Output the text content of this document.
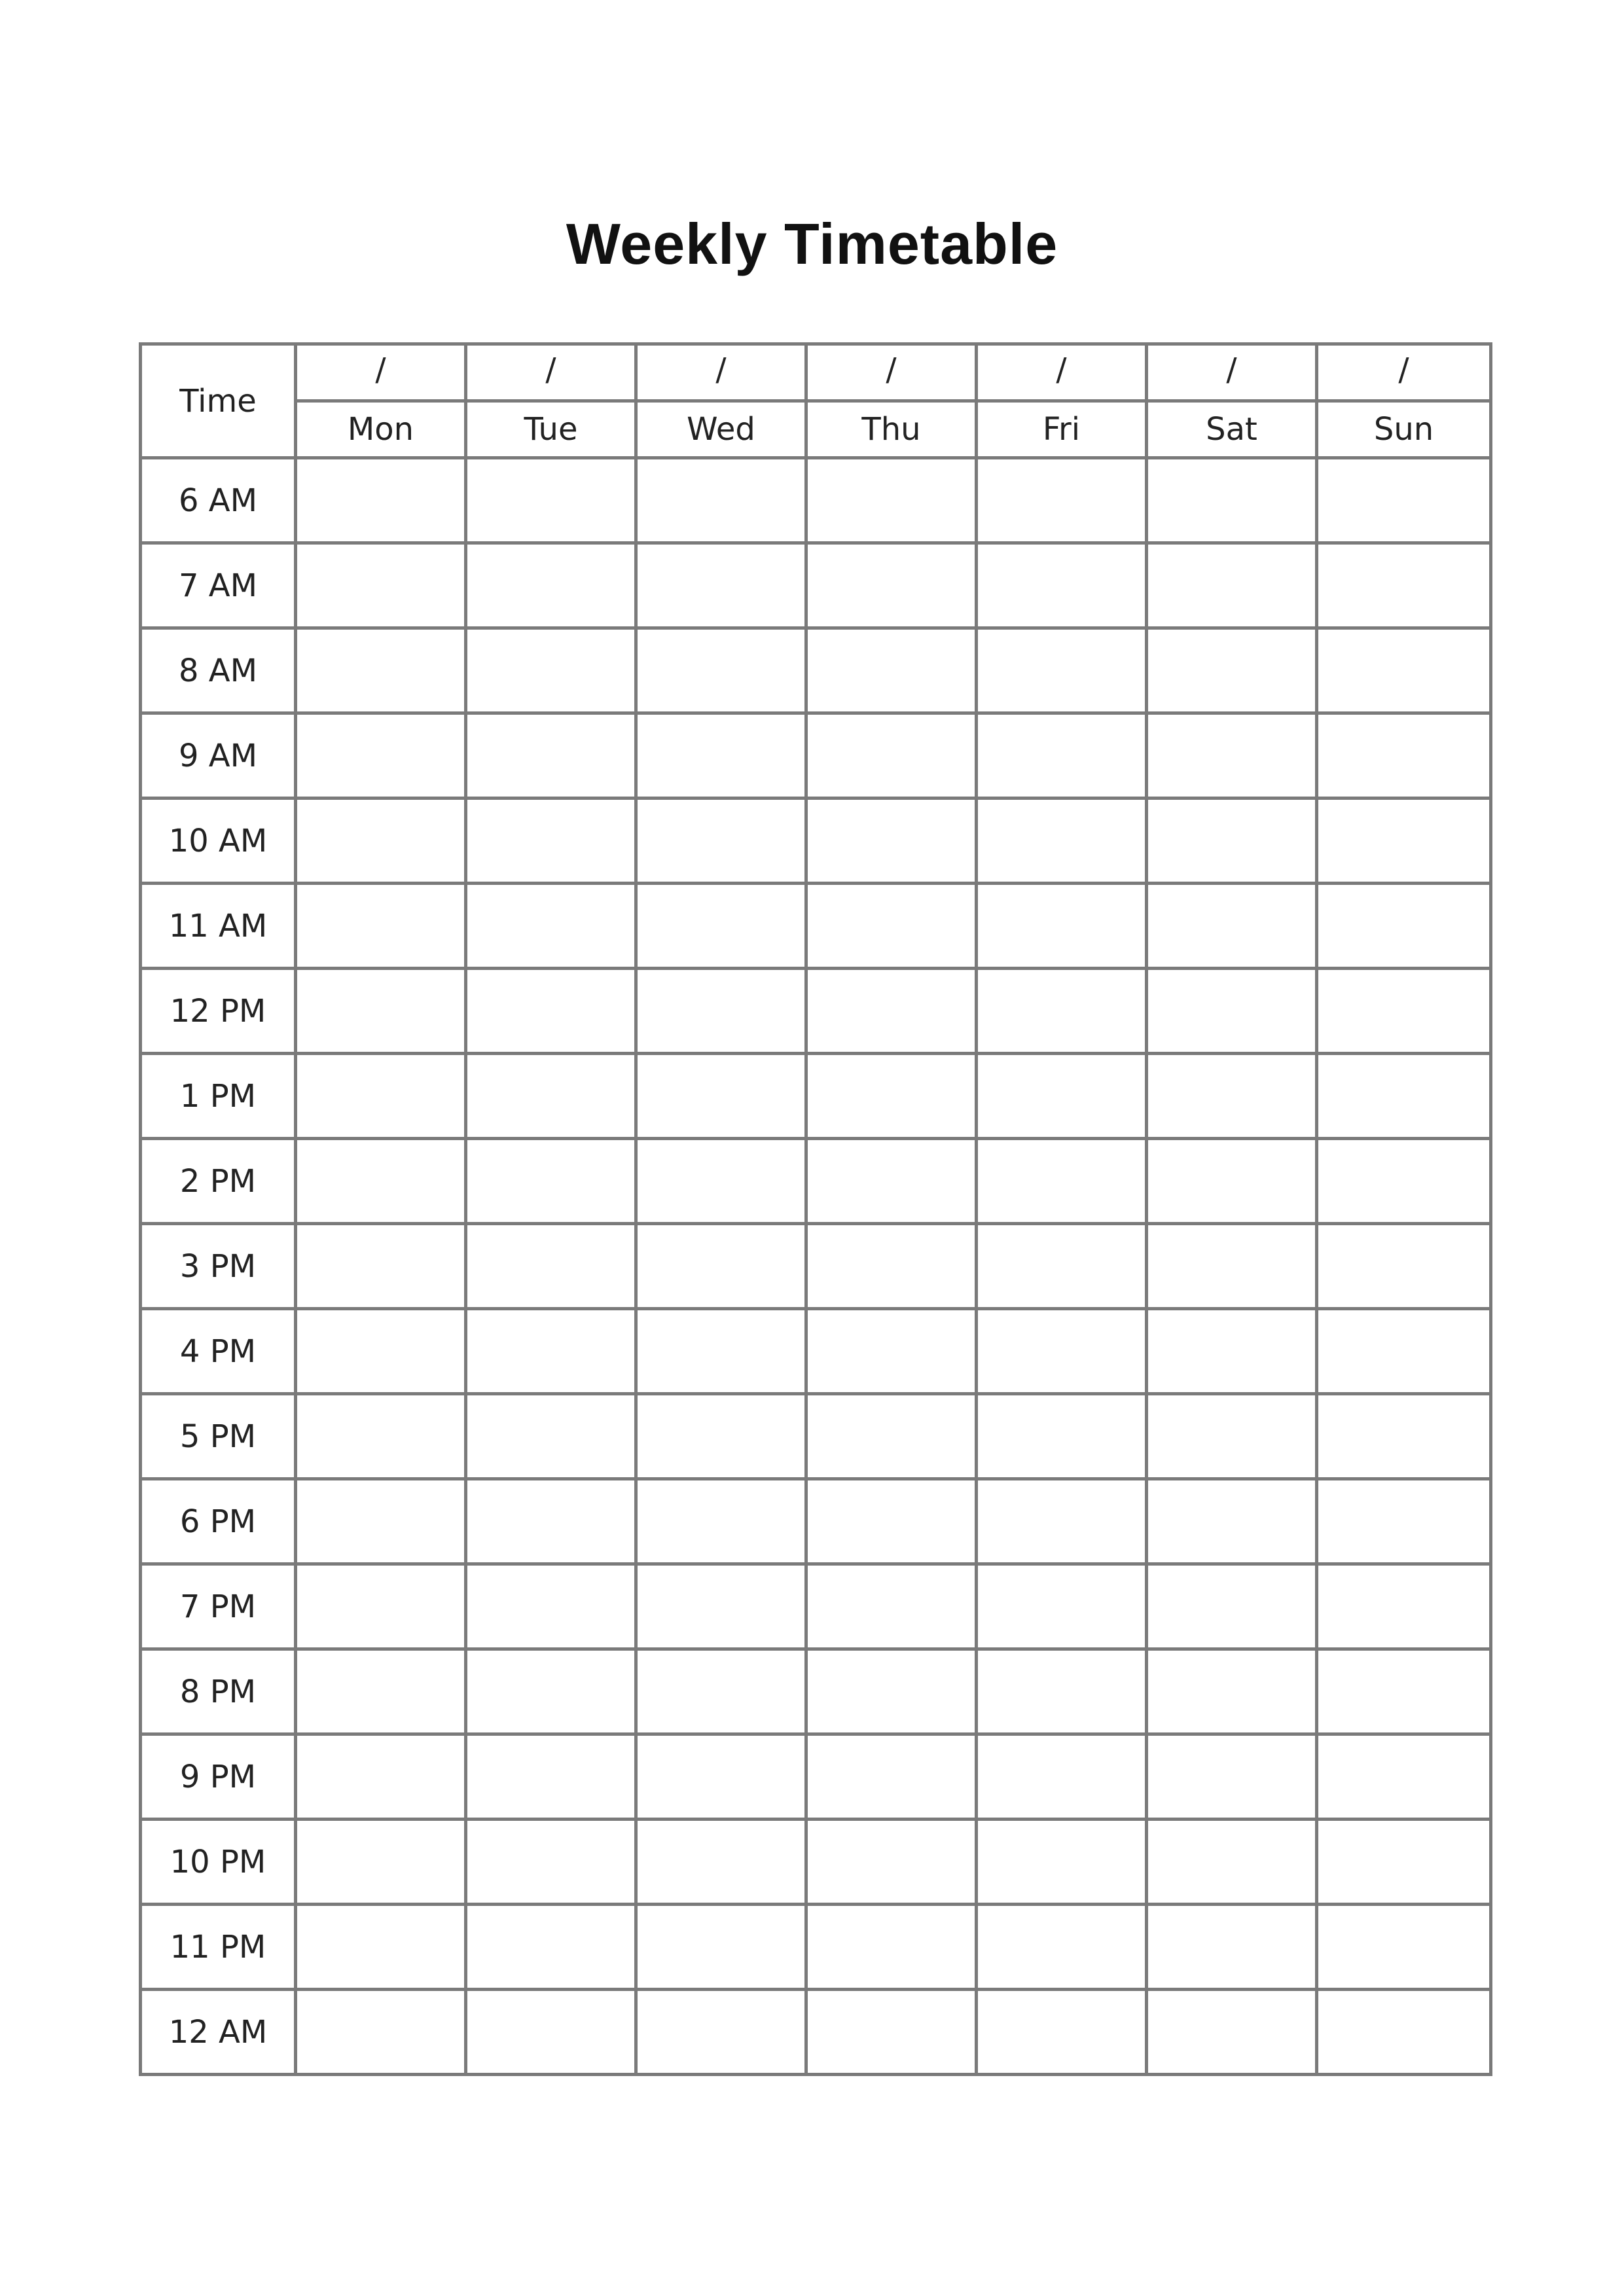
Weekly Timetable
Time	/	/	/	/	/	/	/
	Mon	Tue	Wed	Thu	Fri	Sat	Sun
6 AM							
7 AM							
8 AM							
9 AM							
10 AM							
11 AM							
12 PM							
1 PM							
2 PM							
3 PM							
4 PM							
5 PM							
6 PM							
7 PM							
8 PM							
9 PM							
10 PM							
11 PM							
12 AM							
